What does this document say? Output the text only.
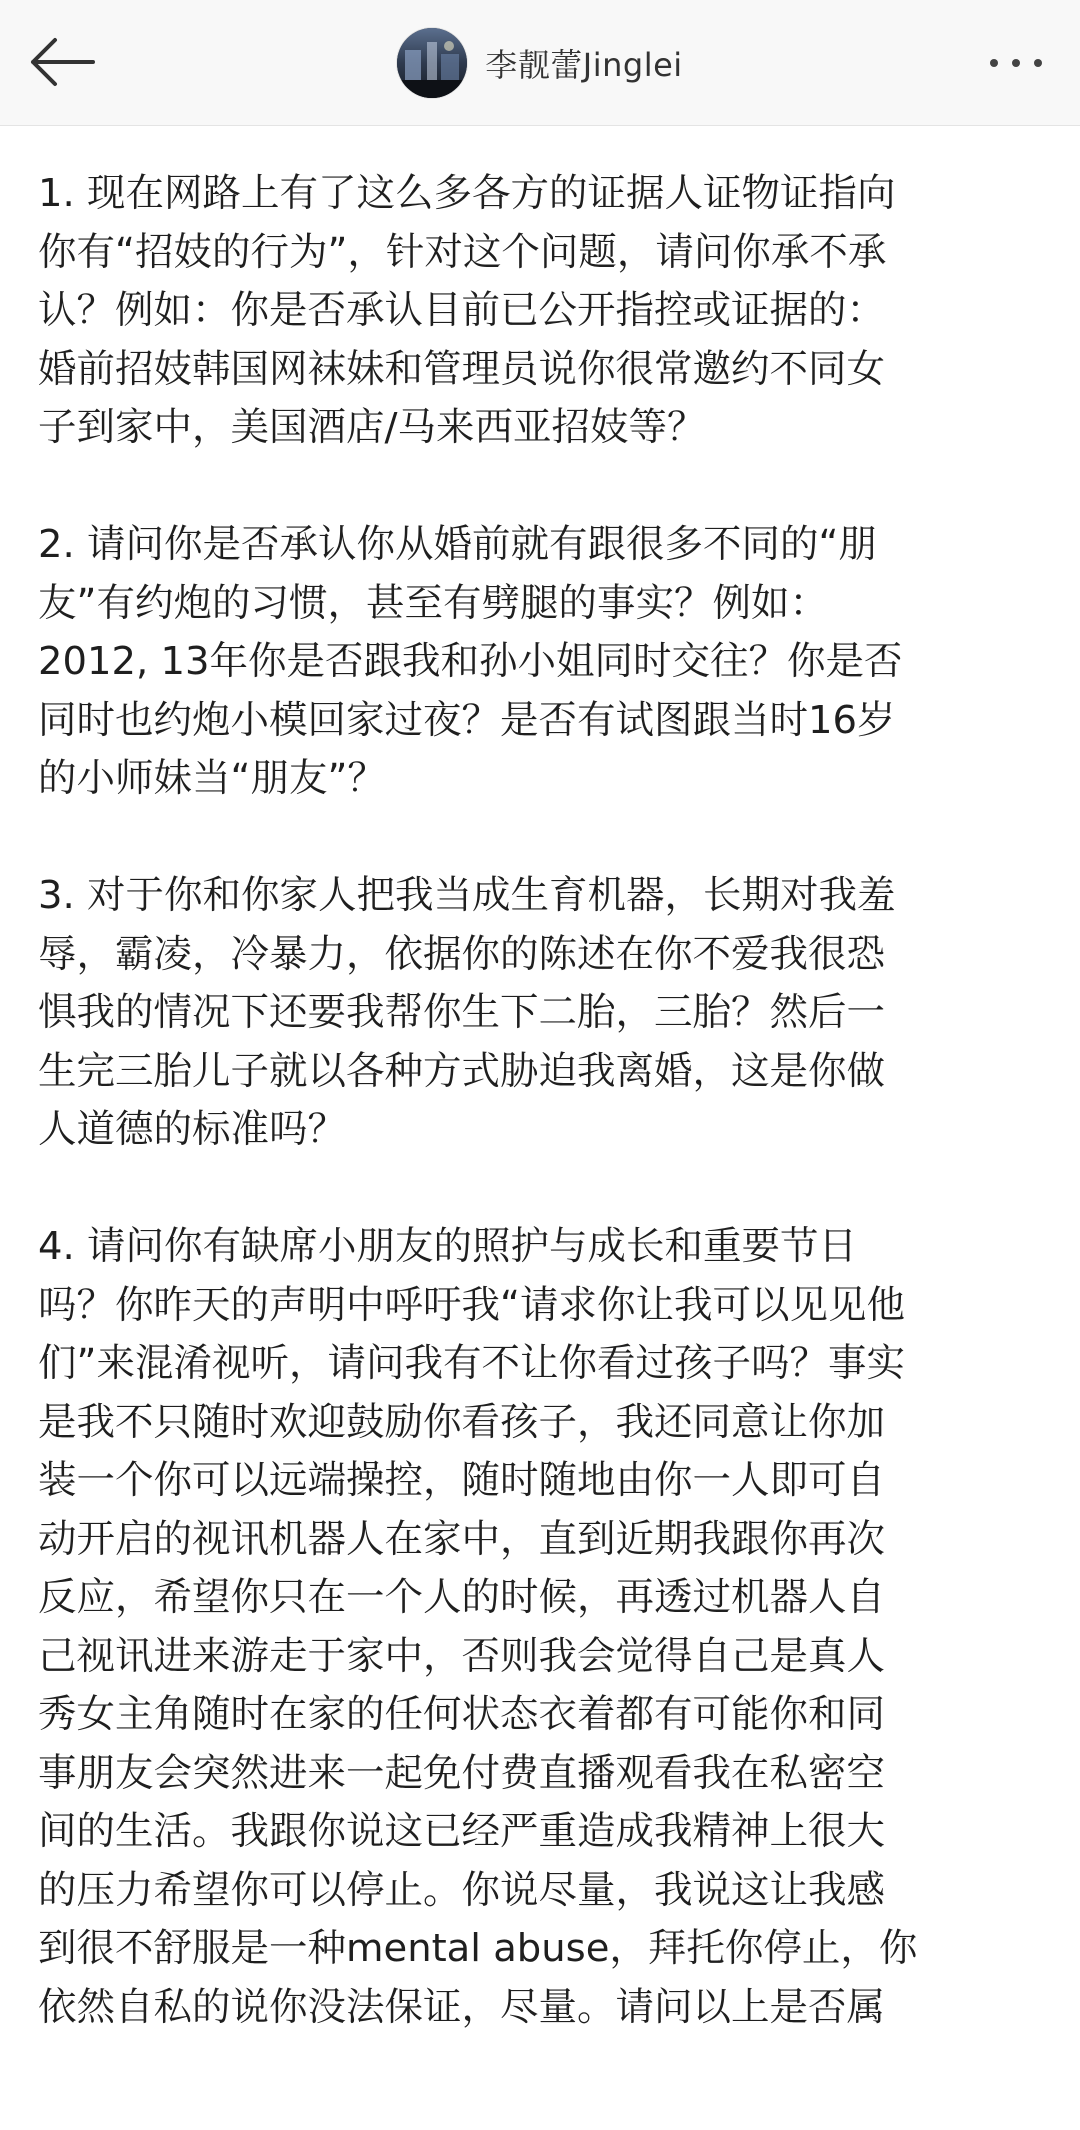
李靓蕾Jinglei

1. 现在网路上有了这么多各方的证据人证物证指向
你有“招妓的行为”，针对这个问题，请问你承不承
认？例如：你是否承认目前已公开指控或证据的：
婚前招妓韩国网袜妹和管理员说你很常邀约不同女
子到家中，美国酒店/马来西亚招妓等？

2. 请问你是否承认你从婚前就有跟很多不同的“朋
友”有约炮的习惯，甚至有劈腿的事实？例如：
2012, 13年你是否跟我和孙小姐同时交往？你是否
同时也约炮小模回家过夜？是否有试图跟当时16岁
的小师妹当“朋友”？

3. 对于你和你家人把我当成生育机器，长期对我羞
辱，霸凌，冷暴力，依据你的陈述在你不爱我很恐
惧我的情况下还要我帮你生下二胎，三胎？然后一
生完三胎儿子就以各种方式胁迫我离婚，这是你做
人道德的标准吗？

4. 请问你有缺席小朋友的照护与成长和重要节日
吗？你昨天的声明中呼吁我“请求你让我可以见见他
们”来混淆视听，请问我有不让你看过孩子吗？事实
是我不只随时欢迎鼓励你看孩子，我还同意让你加
装一个你可以远端操控，随时随地由你一人即可自
动开启的视讯机器人在家中，直到近期我跟你再次
反应，希望你只在一个人的时候，再透过机器人自
己视讯进来游走于家中，否则我会觉得自己是真人
秀女主角随时在家的任何状态衣着都有可能你和同
事朋友会突然进来一起免付费直播观看我在私密空
间的生活。我跟你说这已经严重造成我精神上很大
的压力希望你可以停止。你说尽量，我说这让我感
到很不舒服是一种mental abuse，拜托你停止，你
依然自私的说你没法保证，尽量。请问以上是否属
